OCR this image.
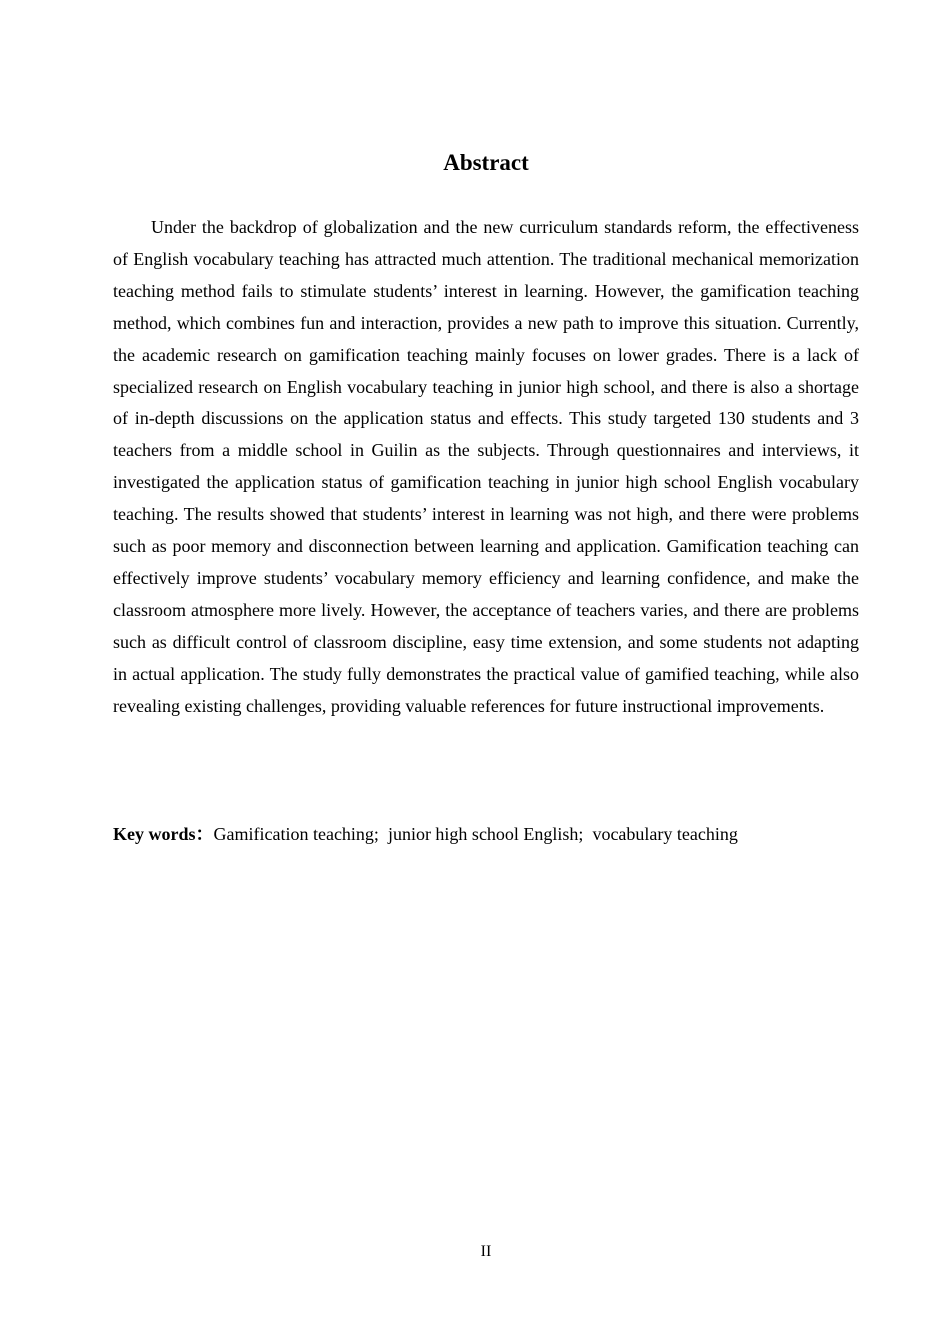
Abstract

Under the backdrop of globalization and the new curriculum standards reform, the effectiveness of English vocabulary teaching has attracted much attention. The traditional mechanical memorization teaching method fails to stimulate students’ interest in learning. However, the gamification teaching method, which combines fun and interaction, provides a new path to improve this situation. Currently, the academic research on gamification teaching mainly focuses on lower grades. There is a lack of specialized research on English vocabulary teaching in junior high school, and there is also a shortage of in-depth discussions on the application status and effects. This study targeted 130 students and 3 teachers from a middle school in Guilin as the subjects. Through questionnaires and interviews, it investigated the application status of gamification teaching in junior high school English vocabulary teaching. The results showed that students’ interest in learning was not high, and there were problems such as poor memory and disconnection between learning and application. Gamification teaching can effectively improve students’ vocabulary memory efficiency and learning confidence, and make the classroom atmosphere more lively. However, the acceptance of teachers varies, and there are problems such as difficult control of classroom discipline, easy time extension, and some students not adapting in actual application. The study fully demonstrates the practical value of gamified teaching, while also revealing existing challenges, providing valuable references for future instructional improvements.

Key words：Gamification teaching; junior high school English; vocabulary teaching

II
